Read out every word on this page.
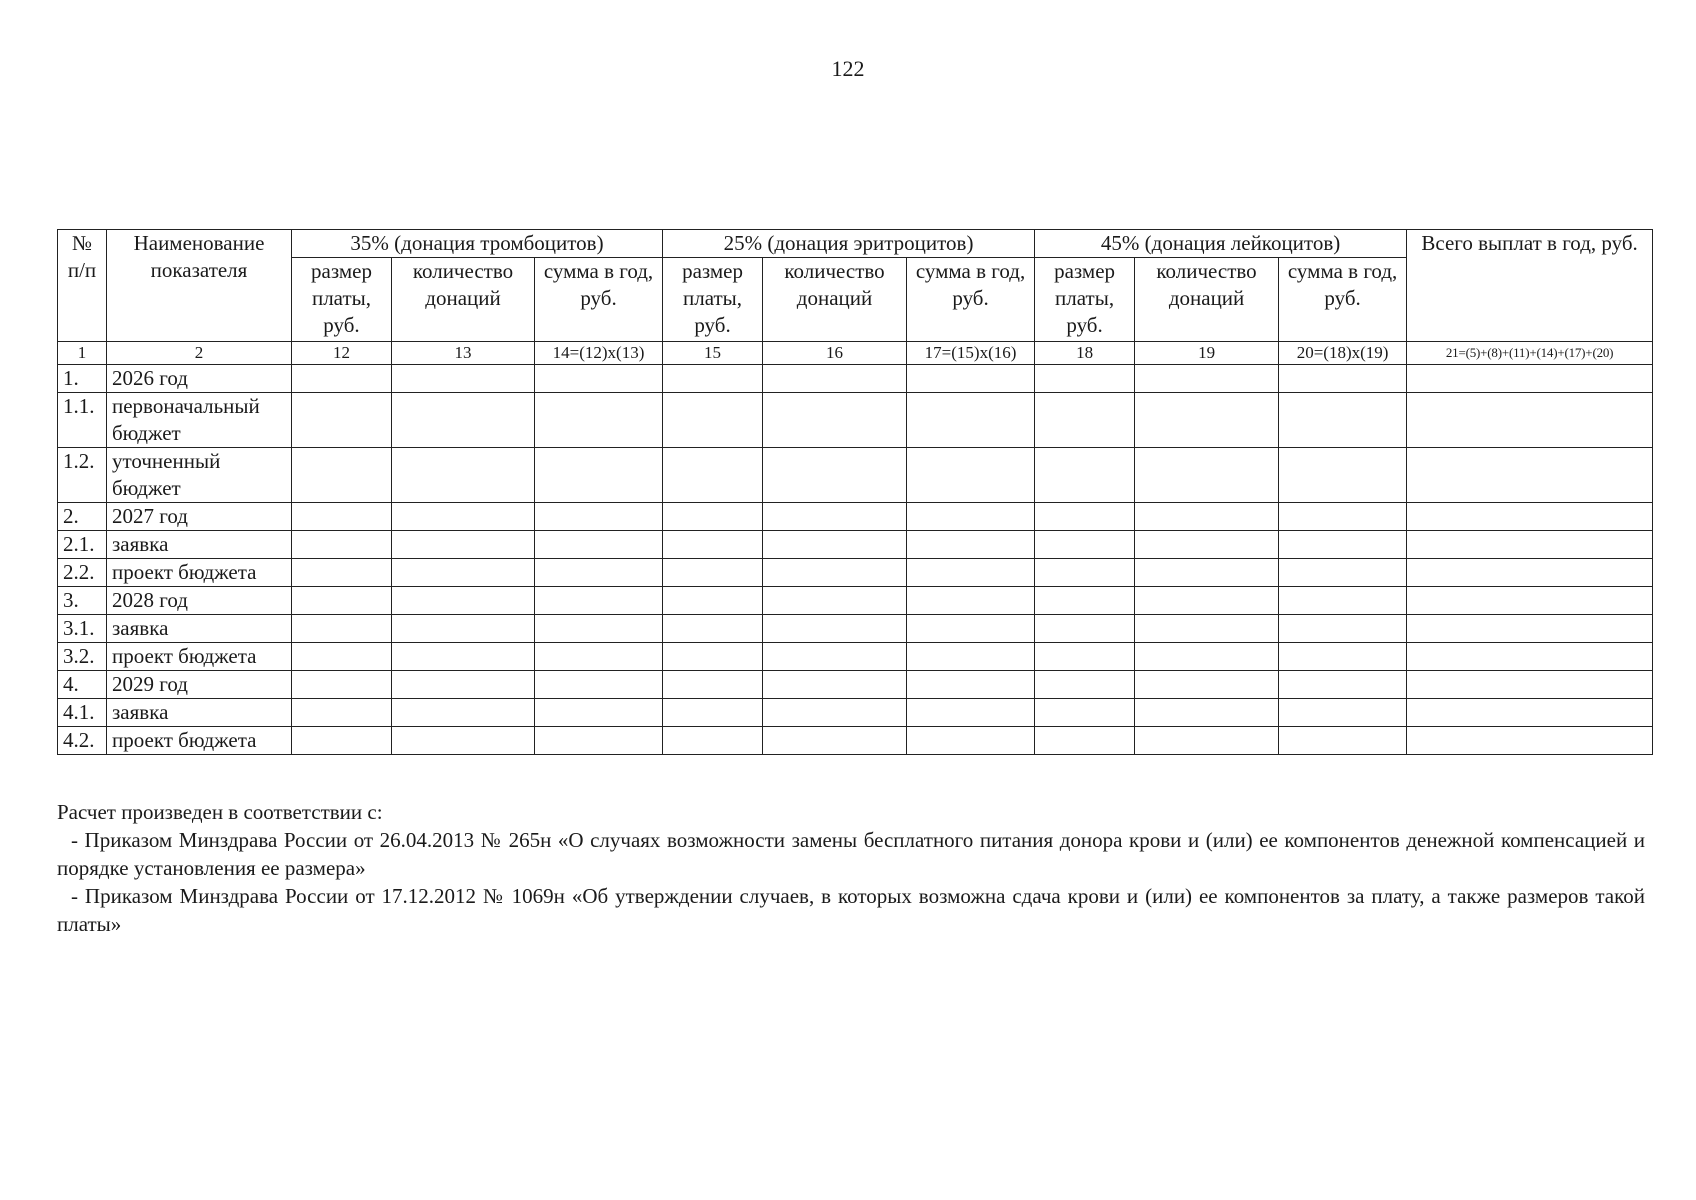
122
№ п/п	Наименование показателя	35% (донация тромбоцитов)			25% (донация эритроцитов)			45% (донация лейкоцитов)			Всего выплат в год, руб.
		размер платы, руб.	количество донаций	сумма в год, руб.	размер платы, руб.	количество донаций	сумма в год, руб.	размер платы, руб.	количество донаций	сумма в год, руб.	
1	2	12	13	14=(12)х(13)	15	16	17=(15)х(16)	18	19	20=(18)х(19)	21=(5)+(8)+(11)+(14)+(17)+(20)
1.	2026 год										
1.1.	первоначальный бюджет										
1.2.	уточненный бюджет										
2.	2027 год										
2.1.	заявка										
2.2.	проект бюджета										
3.	2028 год										
3.1.	заявка										
3.2.	проект бюджета										
4.	2029 год										
4.1.	заявка										
4.2.	проект бюджета										

Расчет произведен в соответствии с:

- Приказом Минздрава России от 26.04.2013 № 265н «О случаях возможности замены бесплатного питания донора крови и (или) ее компонентов денежной компенсацией и порядке установления ее размера»

- Приказом Минздрава России от 17.12.2012 № 1069н «Об утверждении случаев, в которых возможна сдача крови и (или) ее компонентов за плату, а также размеров такой платы»
